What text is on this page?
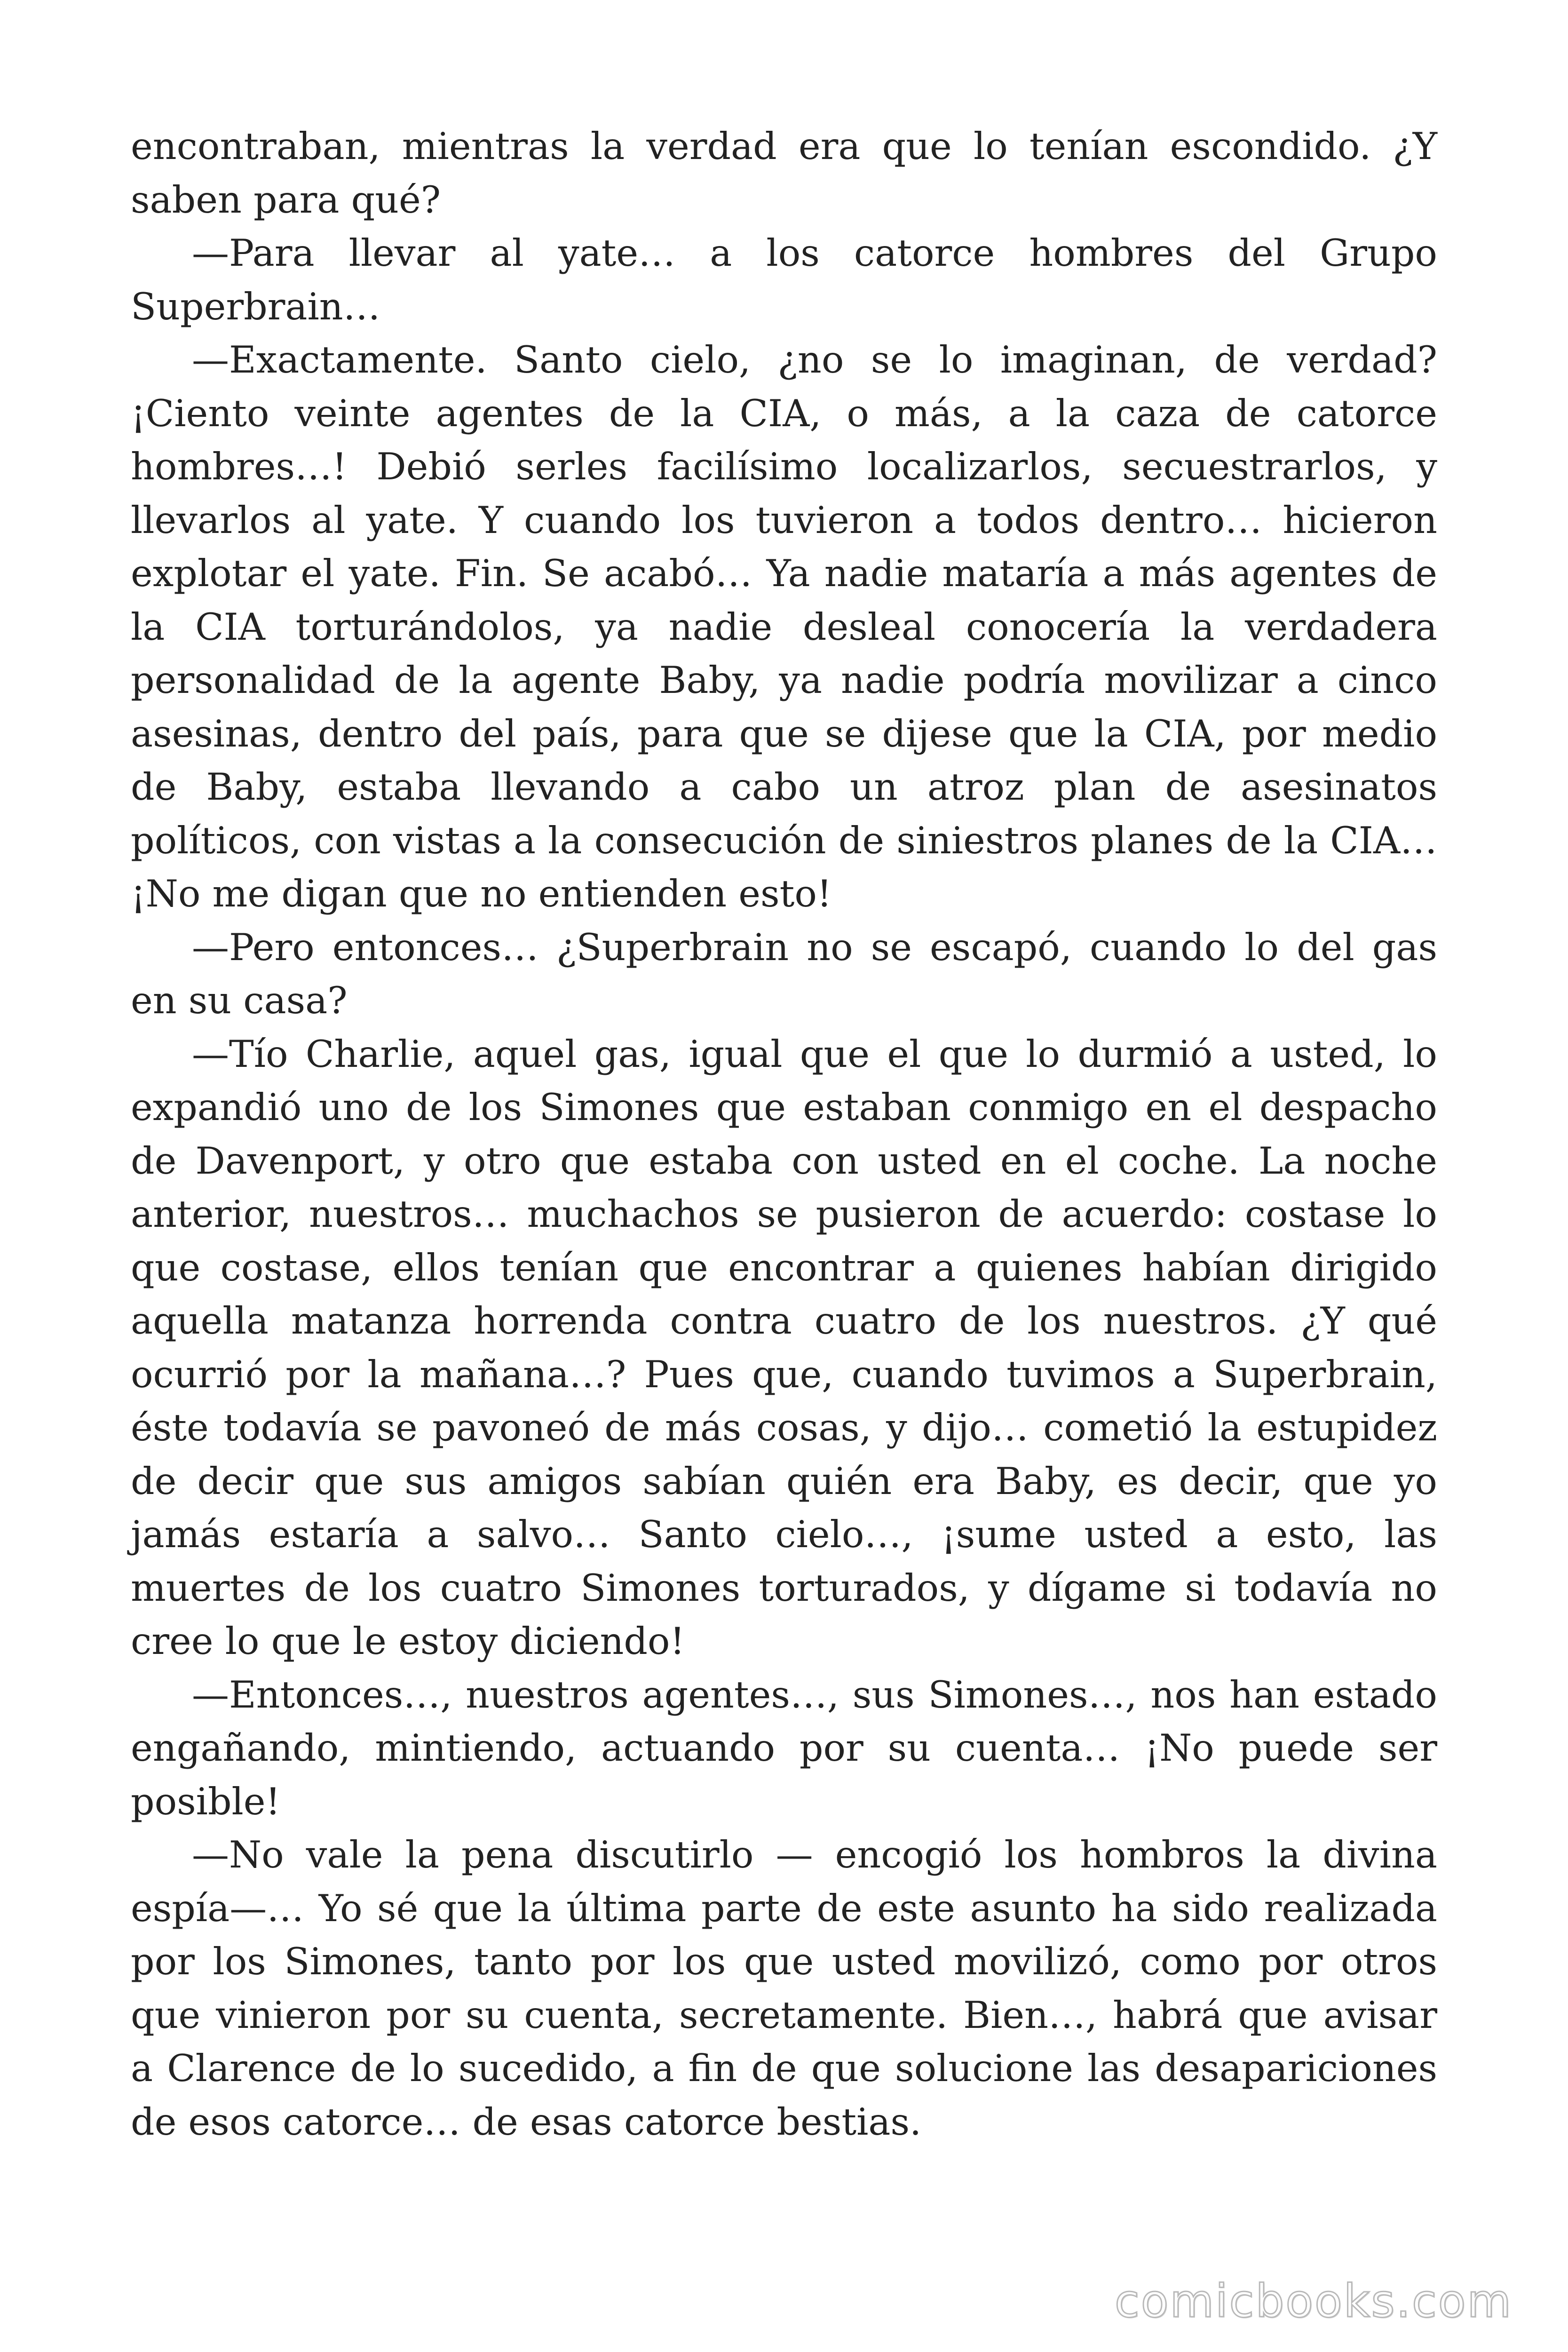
encontraban, mientras la verdad era que lo tenían escondido. ¿Y saben para qué?

—Para llevar al yate… a los catorce hombres del Grupo Superbrain…

—Exactamente. Santo cielo, ¿no se lo imaginan, de verdad? ¡Ciento veinte agentes de la CIA, o más, a la caza de catorce hombres…! Debió serles facilísimo localizarlos, secuestrarlos, y llevarlos al yate. Y cuando los tuvieron a todos dentro… hicieron explotar el yate. Fin. Se acabó… Ya nadie mataría a más agentes de la CIA torturándolos, ya nadie desleal conocería la verdadera personalidad de la agente Baby, ya nadie podría movilizar a cinco asesinas, dentro del país, para que se dijese que la CIA, por medio de Baby, estaba llevando a cabo un atroz plan de asesinatos políticos, con vistas a la consecución de siniestros planes de la CIA… ¡No me digan que no entienden esto!

—Pero entonces… ¿Superbrain no se escapó, cuando lo del gas en su casa?

—Tío Charlie, aquel gas, igual que el que lo durmió a usted, lo expandió uno de los Simones que estaban conmigo en el despacho de Davenport, y otro que estaba con usted en el coche. La noche anterior, nuestros… muchachos se pusieron de acuerdo: costase lo que costase, ellos tenían que encontrar a quienes habían dirigido aquella matanza horrenda contra cuatro de los nuestros. ¿Y qué ocurrió por la mañana…? Pues que, cuando tuvimos a Superbrain, éste todavía se pavoneó de más cosas, y dijo… cometió la estupidez de decir que sus amigos sabían quién era Baby, es decir, que yo jamás estaría a salvo… Santo cielo…, ¡sume usted a esto, las muertes de los cuatro Simones torturados, y dígame si todavía no cree lo que le estoy diciendo!

—Entonces…, nuestros agentes…, sus Simones…, nos han estado engañando, mintiendo, actuando por su cuenta… ¡No puede ser posible!

—No vale la pena discutirlo — encogió los hombros la divina espía—… Yo sé que la última parte de este asunto ha sido realizada por los Simones, tanto por los que usted movilizó, como por otros que vinieron por su cuenta, secretamente. Bien…, habrá que avisar a Clarence de lo sucedido, a fin de que solucione las desapariciones de esos catorce… de esas catorce bestias.

comicbooks.com
